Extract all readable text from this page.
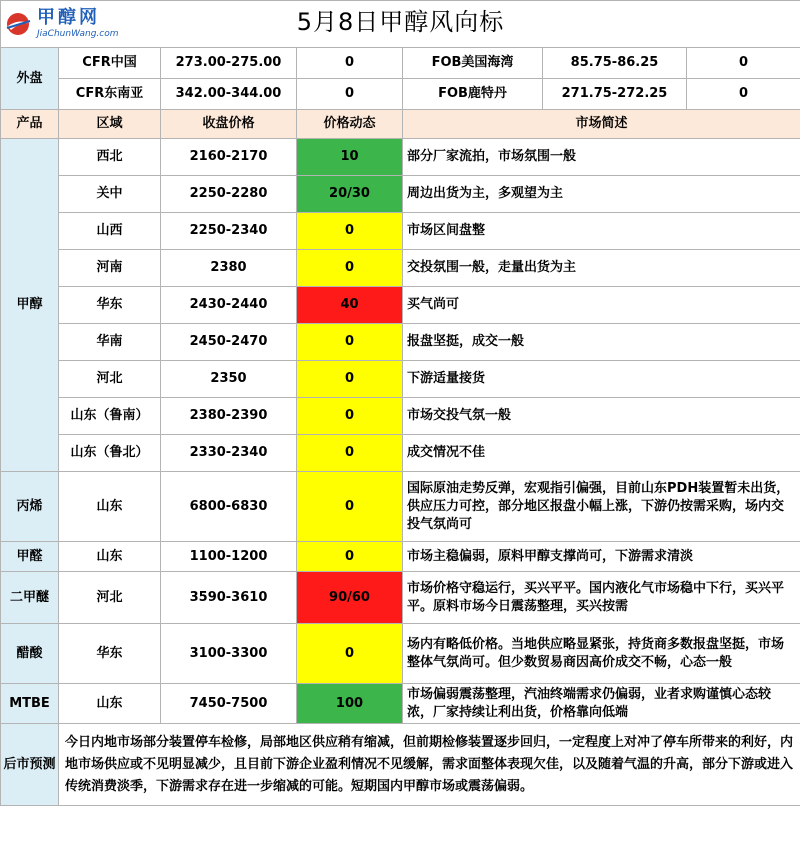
甲醇网
JiaChunWang.com 5月8日甲醇风向标						
外盘	CFR中国	273.00-275.00	0	FOB美国海湾	85.75-86.25	0
	CFR东南亚	342.00-344.00	0	FOB鹿特丹	271.75-272.25	0
产品	区域	收盘价格	价格动态	市场简述		
甲醇	西北	2160-2170	10	部分厂家流拍，市场氛围一般		
	关中	2250-2280	20/30	周边出货为主，多观望为主		
	山西	2250-2340	0	市场区间盘整		
	河南	2380	0	交投氛围一般，走量出货为主		
	华东	2430-2440	40	买气尚可		
	华南	2450-2470	0	报盘坚挺，成交一般		
	河北	2350	0	下游适量接货		
	山东（鲁南）	2380-2390	0	市场交投气氛一般		
	山东（鲁北）	2330-2340	0	成交情况不佳		
丙烯	山东	6800-6830	0	国际原油走势反弹，宏观指引偏强，目前山东PDH装置暂未出货，供应压力可控，部分地区报盘小幅上涨，下游仍按需采购，场内交投气氛尚可		
甲醛	山东	1100-1200	0	市场主稳偏弱，原料甲醇支撑尚可，下游需求清淡		
二甲醚	河北	3590-3610	90/60	市场价格守稳运行，买兴平平。国内液化气市场稳中下行，买兴平平。原料市场今日震荡整理，买兴按需		
醋酸	华东	3100-3300	0	场内有略低价格。当地供应略显紧张，持货商多数报盘坚挺，市场整体气氛尚可。但少数贸易商因高价成交不畅，心态一般		
MTBE	山东	7450-7500	100	市场偏弱震荡整理，汽油终端需求仍偏弱，业者求购谨慎心态较浓，厂家持续让利出货，价格靠向低端		
后市预测	今日内地市场部分装置停车检修，局部地区供应稍有缩减，但前期检修装置逐步回归，一定程度上对冲了停车所带来的利好，内地市场供应或不见明显减少，且目前下游企业盈利情况不见缓解，需求面整体表现欠佳，以及随着气温的升高，部分下游或进入传统消费淡季，下游需求存在进一步缩减的可能。短期国内甲醇市场或震荡偏弱。					
